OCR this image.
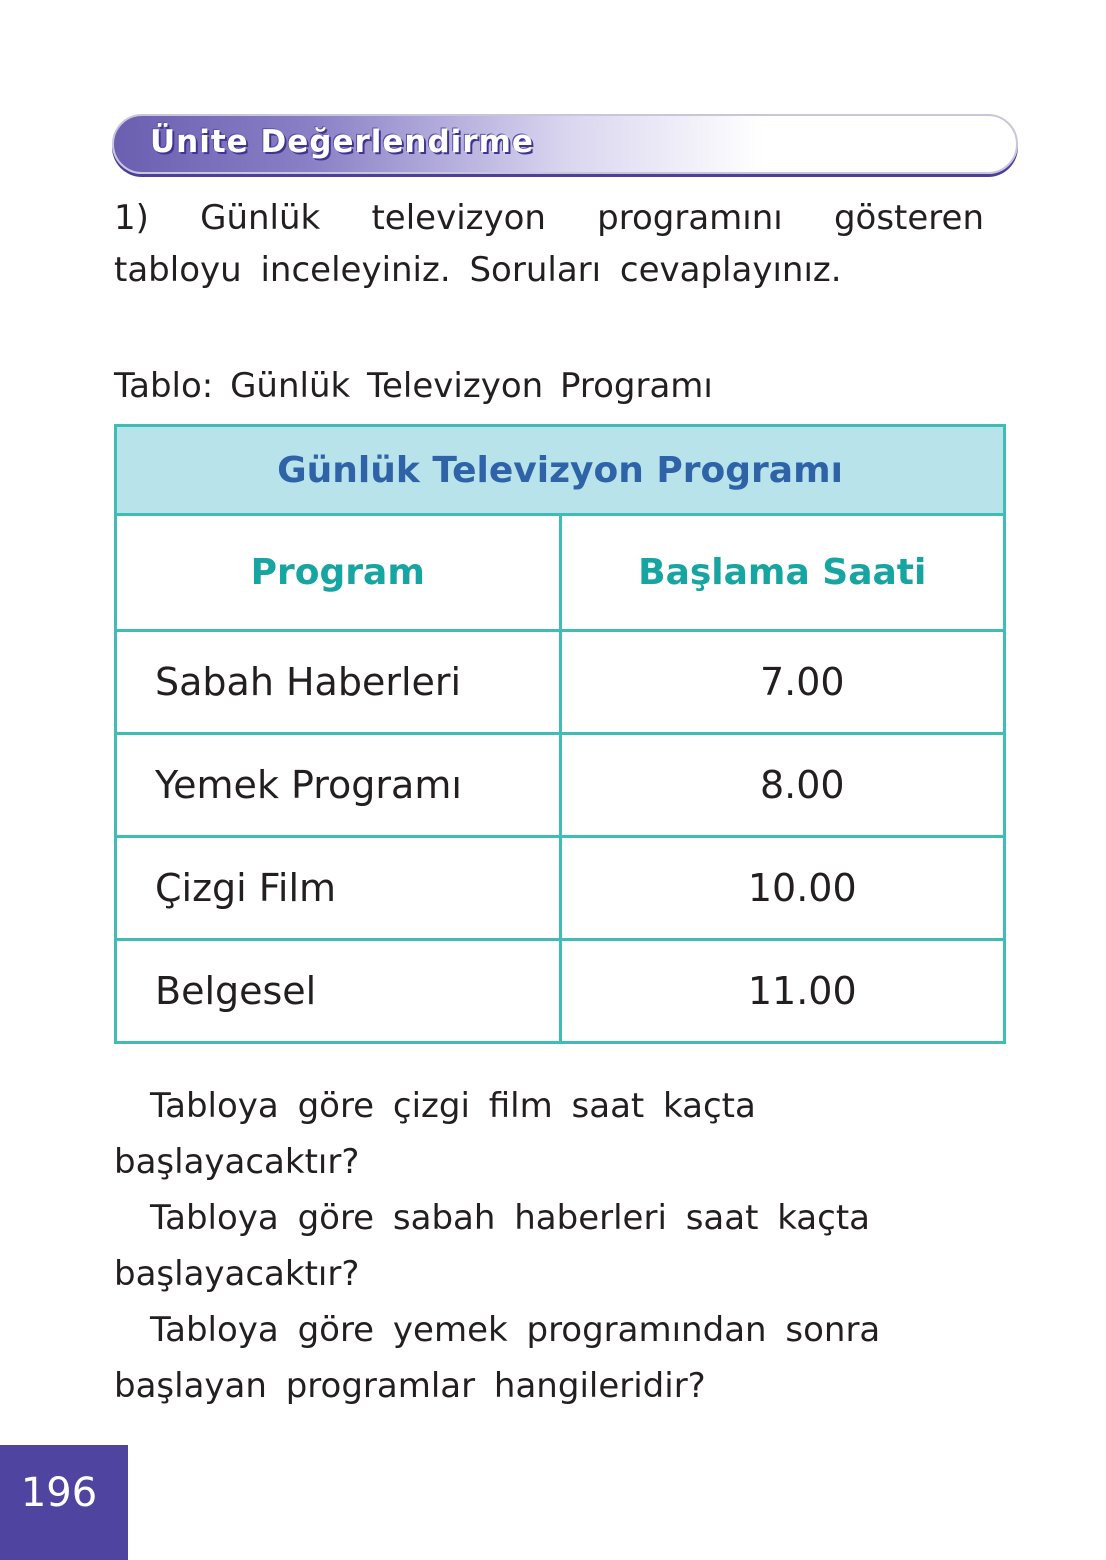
Ünite Değerlendirme
1) Günlük televizyon programını gösteren tabloyu inceleyiniz. Soruları cevaplayınız.
Tablo: Günlük Televizyon Programı
Günlük Televizyon Programı	
Program	Başlama Saati
Sabah Haberleri	7.00
Yemek Programı	8.00
Çizgi Film	10.00
Belgesel	11.00

Tabloya göre çizgi film saat kaçta

başlayacaktır?

Tabloya göre sabah haberleri saat kaçta

başlayacaktır?

Tabloya göre yemek programından sonra

başlayan programlar hangileridir?

196
